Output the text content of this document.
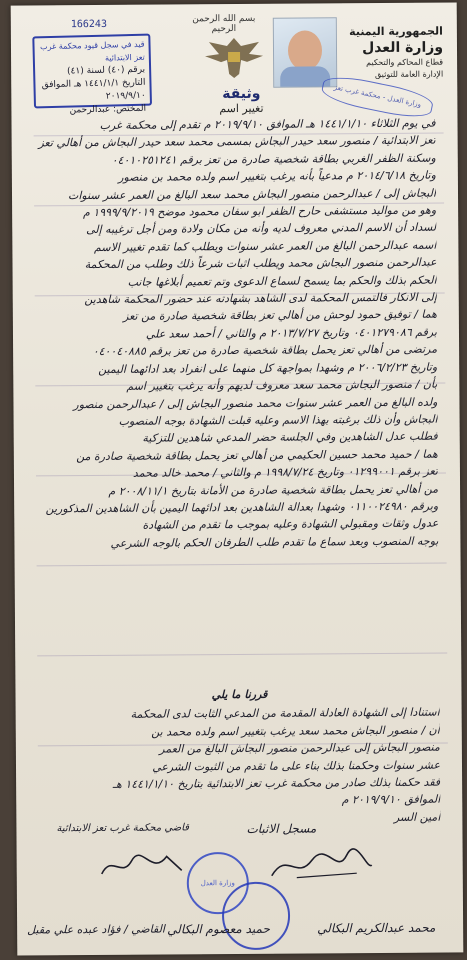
166243	بسم الله الرحمن الرحيم
قيد في سجل قيود محكمة غرب تعز الابتدائية
برقم (٤٠) لسنة (٤١)
التاريخ ١٤٤١/١/١ هـ الموافق ٢٠١٩/٩/١٠
المختص: عبدالرحمن
الجمهورية اليمنية
وزارة العدل
قطاع المحاكم والتحكيم
الإدارة العامة للتوثيق
وزارة العدل - محكمة غرب تعز
وثيقة
تغيير اسم
في يوم الثلاثاء ١٤٤١/١/١٠ هـ الموافق ٢٠١٩/٩/١٠ م تقدم إلى محكمة غرب
تعز الابتدائية / منصور سعد حيدر البجاش بمسمى محمد سعد حيدر البجاش من أهالي تعز
وسكنة الظفر الغربي بطاقة شخصية صادرة من تعز برقم ٠٤٠١٠٢٥١٢٤١
وتاريخ ٢٠١٤/٦/١٨ م مدعياً بأنه يرغب بتغيير اسم ولده محمد بن منصور
البجاش إلى / عبدالرحمن منصور البجاش محمد سعد البالغ من العمر عشر سنوات
وهو من مواليد مستشفى حارح الظفر ابو سفان محمود موضح ١٩٩٩/٩/٢٠١٩ م
لسداد أن الاسم المدني معروف لديه وأنه من مكان ولادة ومن أجل ترغيبه إلى
اسمه عبدالرحمن البالغ من العمر عشر سنوات ويطلب كما تقدم تغيير الاسم
عبدالرحمن منصور البجاش محمد ويطلب اثبات شرعاً ذلك وطلب من المحكمة
الحكم بذلك والحكم بما يسمح لسماع الدعوى وتم تعميم أبلاغها جانب
إلى الانكار فالتمس المحكمة لدى الشاهد بشهادته عند حضور المحكمة شاهدين
هما / توفيق حمود لوحش من أهالي تعز بطاقة شخصية صادرة من تعز
برقم ٠٤٠١٢٧٩٠٨٦ وتاريخ ٢٠١٣/٧/٢٧ م والثاني / أحمد سعد علي
مرتضى من أهالي تعز يحمل بطاقة شخصية صادرة من تعز برقم ٠٤٠٠٤٠٨٨٥
وتاريخ ٢٠٠٦/٢/٢٣ م وشهدا بمواجهة كل منهما على انفراد بعد ادائهما اليمين
بأن / منصور البجاش محمد سعد معروف لديهم وأنه يرغب بتغيير اسم
ولده البالغ من العمر عشر سنوات محمد منصور البجاش إلى / عبدالرحمن منصور
البجاش وأن ذلك برغبته بهذا الاسم وعليه قبلت الشهادة بوجه المنصوب
فطلب عدل الشاهدين وفي الجلسة حضر المدعي شاهدين للتزكية
هما / حميد محمد حسين الحكيمي من أهالي تعز يحمل بطاقة شخصية صادرة من
تعز برقم ٠١٢٩٩٠٠١ وتاريخ ١٩٩٨/٧/٢٤ م والثاني / محمد خالد محمد
من أهالي تعز يحمل بطاقة شخصية صادرة من الأمانة بتاريخ ٢٠٠٨/١١/١ م
وبرقم ٠١١٠٠٢٤٩٨٠ وشهدا بعدالة الشاهدين بعد ادائهما اليمين بأن الشاهدين المذكورين
عدول وثقات ومقبولي الشهادة وعليه بموجب ما تقدم من الشهادة
بوجه المنصوب وبعد سماع ما تقدم طلب الطرفان الحكم بالوجه الشرعي
قررنا ما يلي
استنادا إلى الشهادة العادلة المقدمة من المدعي الثابت لدى المحكمة
أن / منصور البجاش محمد سعد يرغب بتغيير اسم ولده محمد بن
منصور البجاش إلى عبدالرحمن منصور البجاش البالغ من العمر
عشر سنوات وحكمنا بذلك بناء على ما تقدم من الثبوت الشرعي
فقد حكمنا بذلك صادر من محكمة غرب تعز الابتدائية بتاريخ ١٤٤١/١/١٠ هـ
الموافق ٢٠١٩/٩/١٠ م
أمين السر
مسجل الاثبات
قاضي محكمة غرب تعز الابتدائية
وزارة العدل
محمد عبدالكريم البكالي
حميد معصوم البكالي
القاضي / فؤاد عبده علي مقبل
